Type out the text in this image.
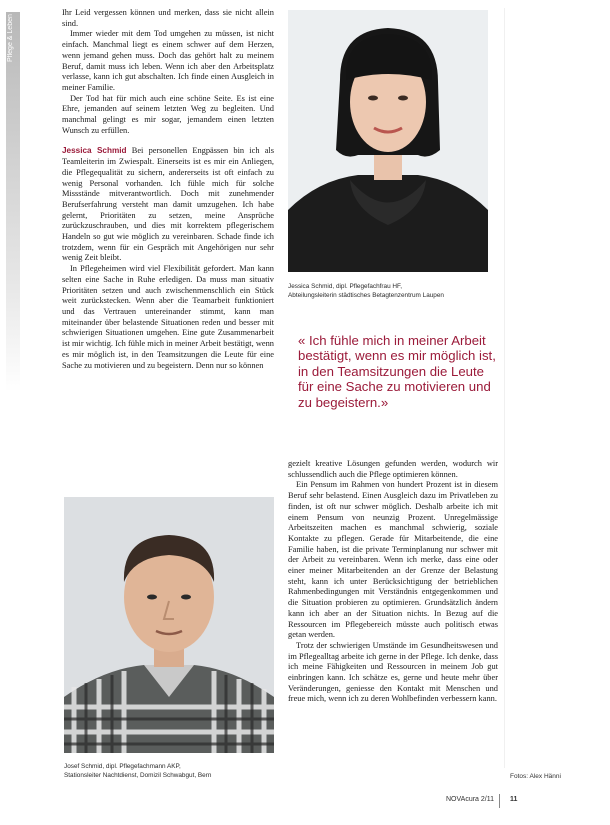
Pflege & Leben

Ihr Leid vergessen können und merken, dass sie nicht allein sind.

Immer wieder mit dem Tod umgehen zu müssen, ist nicht einfach. Manchmal liegt es einem schwer auf dem Herzen, wenn jemand gehen muss. Doch das gehört halt zu meinem Beruf, damit muss ich leben. Wenn ich aber den Arbeitsplatz verlasse, kann ich gut abschalten. Ich finde einen Ausgleich in meiner Familie.

Der Tod hat für mich auch eine schöne Seite. Es ist eine Ehre, jemanden auf seinem letzten Weg zu begleiten. Und manchmal gelingt es mir sogar, jemandem einen letzten Wunsch zu erfüllen.

Jessica Schmid Bei personellen Engpässen bin ich als Teamleiterin im Zwiespalt. Einerseits ist es mir ein Anliegen, die Pflegequalität zu sichern, andererseits ist oft einfach zu wenig Personal vorhanden. Ich fühle mich für solche Missstände mitverantwortlich. Doch mit zunehmender Berufserfahrung versteht man damit umzugehen. Ich habe gelernt, Prioritäten zu setzen, meine Ansprüche zurückzuschrauben, und dies mit korrektem pflegerischem Handeln so gut wie möglich zu vereinbaren. Schade finde ich trotzdem, wenn für ein Gespräch mit Angehörigen nur sehr wenig Zeit bleibt.

In Pflegeheimen wird viel Flexibilität gefordert. Man kann selten eine Sache in Ruhe erledigen. Da muss man situativ Prioritäten setzen und auch zwischenmenschlich ein Stück weit zurückstecken. Wenn aber die Teamarbeit funktioniert und das Vertrauen untereinander stimmt, kann man miteinander über belastende Situationen reden und besser mit schwierigen Situationen umgehen. Eine gute Zusammenarbeit ist mir wichtig. Ich fühle mich in meiner Arbeit bestätigt, wenn es mir möglich ist, in den Teamsitzungen die Leute für eine Sache zu motivieren und zu begeistern. Denn nur so können

Jessica Schmid, dipl. Pflegefachfrau HF,
Abteilungsleiterin städtisches Betagtenzentrum Laupen
« Ich fühle mich in meiner Arbeit bestätigt, wenn es mir möglich ist, in den Teamsitzungen die Leute für eine Sache zu motivieren und zu begeistern.»

gezielt kreative Lösungen gefunden werden, wodurch wir schlussendlich auch die Pflege optimieren können.

Ein Pensum im Rahmen von hundert Prozent ist in diesem Beruf sehr belastend. Einen Ausgleich dazu im Privatleben zu finden, ist oft nur schwer möglich. Deshalb arbeite ich mit einem Pensum von neunzig Prozent. Unregelmässige Arbeitszeiten machen es manchmal schwierig, soziale Kontakte zu pflegen. Gerade für Mitarbeitende, die eine Familie haben, ist die private Terminplanung nur schwer mit der Arbeit zu vereinbaren. Wenn ich merke, dass eine oder einer meiner Mitarbeitenden an der Grenze der Belastung steht, kann ich unter Berücksichtigung der betrieblichen Rahmenbedingungen mit Verständnis entgegenkommen und die Situation probieren zu optimieren. Grundsätzlich ändern kann ich aber an der Situation nichts. In Bezug auf die Ressourcen im Pflegebereich müsste auch politisch etwas getan werden.

Trotz der schwierigen Umstände im Gesundheitswesen und im Pflegealltag arbeite ich gerne in der Pflege. Ich denke, dass ich meine Fähigkeiten und Ressourcen in meinem Job gut einbringen kann. Ich schätze es, gerne und heute mehr über Veränderungen, geniesse den Kontakt mit Menschen und freue mich, wenn ich zu deren Wohlbefinden verbessern kann.

Josef Schmid, dipl. Pflegefachmann AKP,
Stationsleiter Nachtdienst, Domizil Schwabgut, Bern	Fotos: Alex Hänni
NOVAcura 2/11 11
